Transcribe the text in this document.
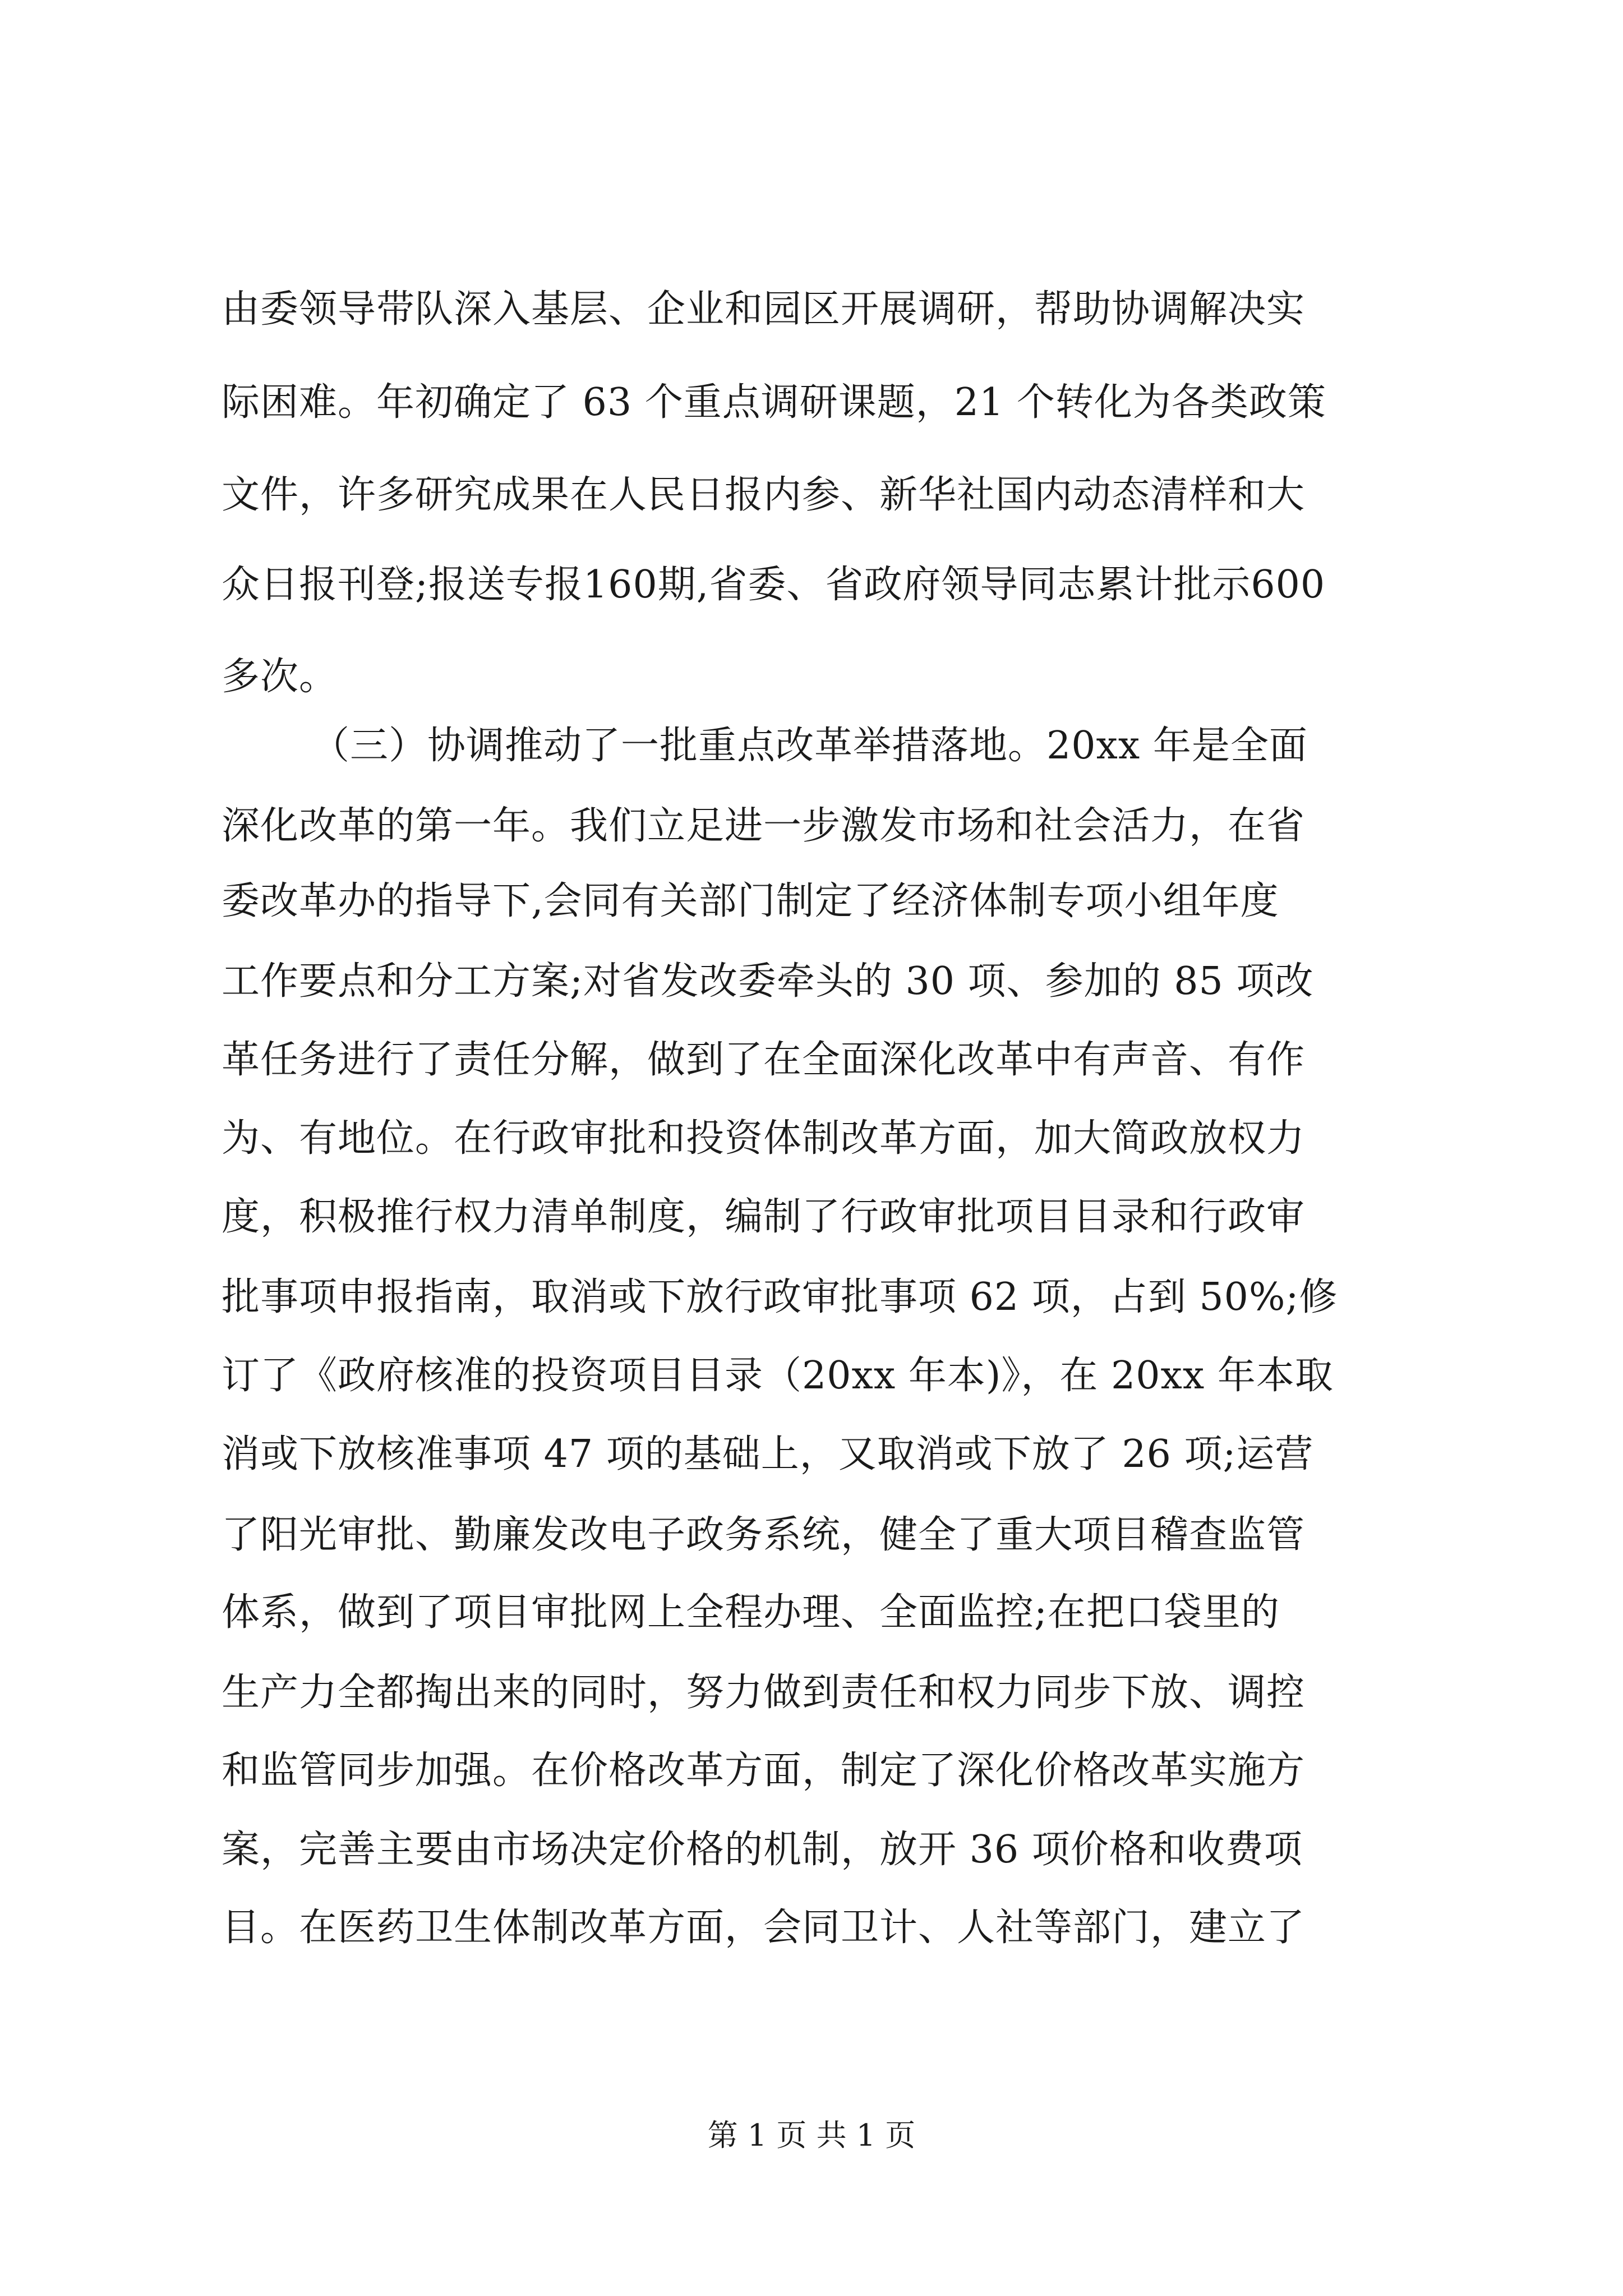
由委领导带队深入基层、企业和园区开展调研，帮助协调解决实
际困难。年初确定了 63 个重点调研课题，21 个转化为各类政策
文件，许多研究成果在人民日报内参、新华社国内动态清样和大
众日报刊登;报送专报160期,省委、省政府领导同志累计批示600
多次。
（三）协调推动了一批重点改革举措落地。20xx 年是全面
深化改革的第一年。我们立足进一步激发市场和社会活力，在省
委改革办的指导下,会同有关部门制定了经济体制专项小组年度
工作要点和分工方案;对省发改委牵头的 30 项、参加的 85 项改
革任务进行了责任分解，做到了在全面深化改革中有声音、有作
为、有地位。在行政审批和投资体制改革方面，加大简政放权力
度，积极推行权力清单制度，编制了行政审批项目目录和行政审
批事项申报指南，取消或下放行政审批事项 62 项，占到 50%;修
订了《政府核准的投资项目目录（20xx 年本)》，在 20xx 年本取
消或下放核准事项 47 项的基础上，又取消或下放了 26 项;运营
了阳光审批、勤廉发改电子政务系统，健全了重大项目稽查监管
体系，做到了项目审批网上全程办理、全面监控;在把口袋里的
生产力全都掏出来的同时，努力做到责任和权力同步下放、调控
和监管同步加强。在价格改革方面，制定了深化价格改革实施方
案，完善主要由市场决定价格的机制，放开 36 项价格和收费项
目。在医药卫生体制改革方面，会同卫计、人社等部门，建立了
第 1 页 共 1 页
